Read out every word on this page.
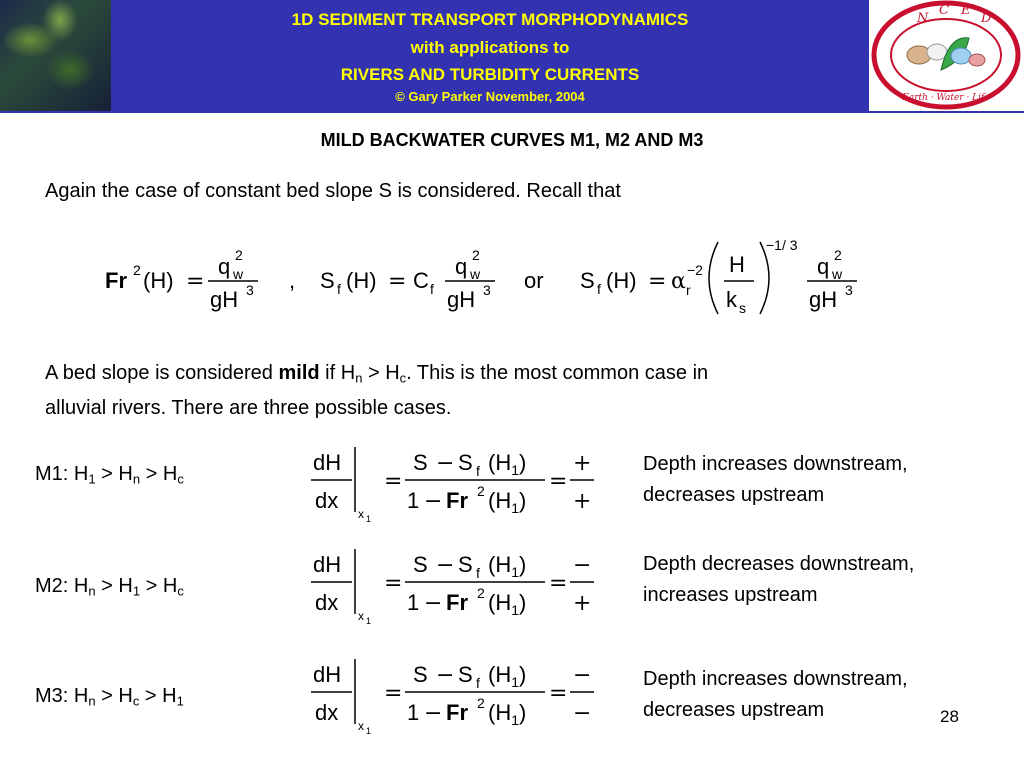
1D SEDIMENT TRANSPORT MORPHODYNAMICS
with applications to
RIVERS AND TURBIDITY CURRENTS
© Gary Parker November, 2004
N
C E
D
Earth · Water · Life
MILD BACKWATER CURVES M1, M2 AND M3
Again the case of constant bed slope S is considered. Recall that
A bed slope is considered mild if $H_n > H_c$. This is the most common case in
alluvial rivers. There are three possible cases.
M1: $H_1 > H_n > H_c$
M2: $H_n > H_1 > H_c$
M3: $H_n > H_c > H_1$
Depth increases downstream,
decreases upstream
Depth decreases downstream,
increases upstream
Depth increases downstream,
decreases upstream
Fr 2 (H) =
q 2
w
gH 3 , S f (H) = C f
q 2
w
gH 3 or S f (H) = α r
−2 H
k s
−1/ 3
q 2
w
gH 3
dH
dx
x 1
=
S − S f $(H_1)$
1 − Fr 2 $(H_1)$
=
+
+
dH
dx
x 1
=
S − S f $(H_1)$
1 − Fr 2 $(H_1)$
=
−
+
dH
dx
x 1
=
S − S f $(H_1)$
1 − Fr 2 $(H_1)$
=
−
−	28
